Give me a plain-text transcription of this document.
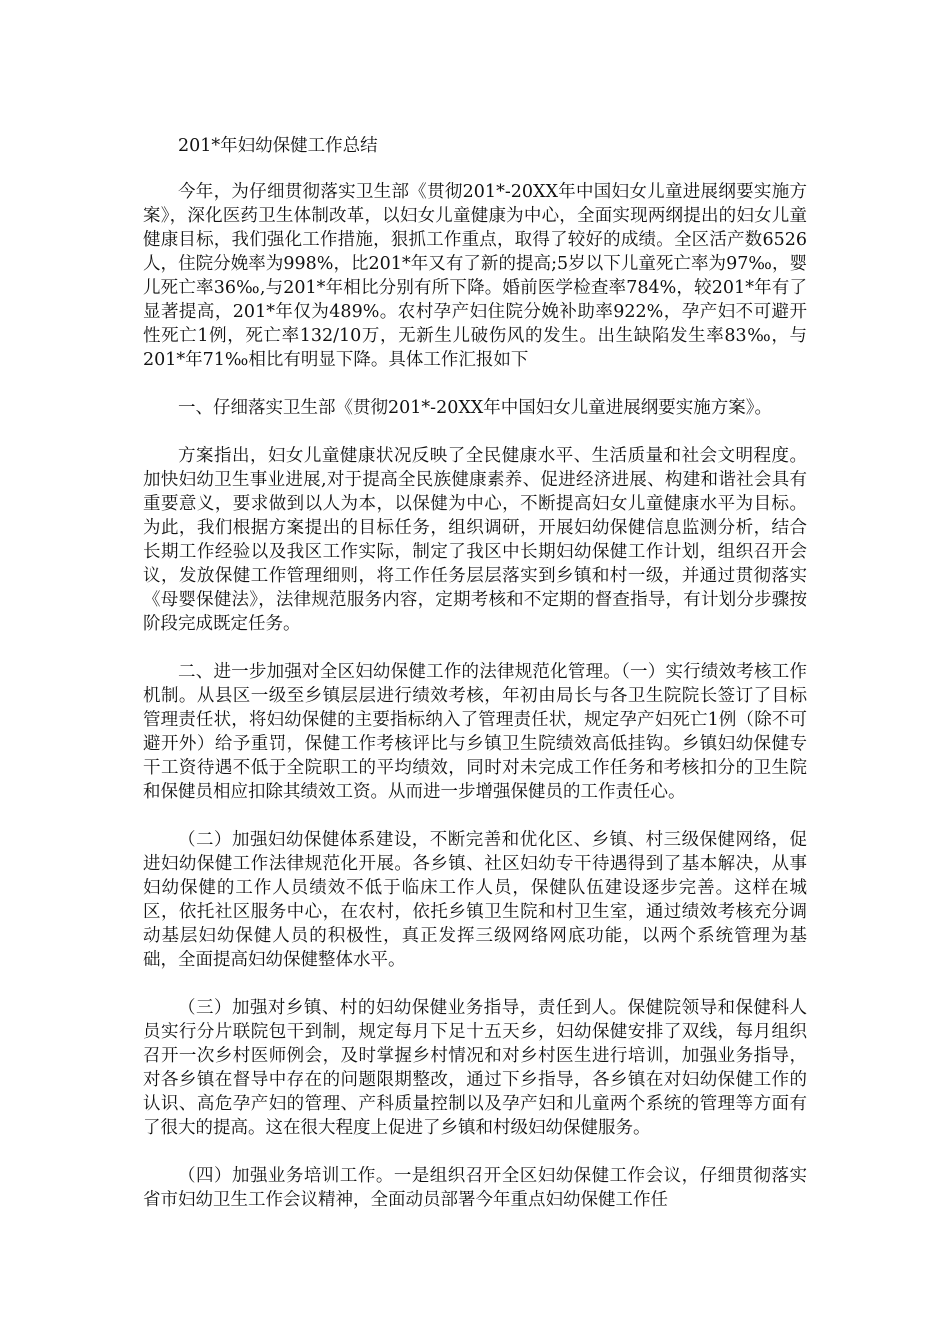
201*年妇幼保健工作总结

今年，为仔细贯彻落实卫生部《贯彻201*-20XX年中国妇女儿童进展纲要实施方案》，深化医药卫生体制改革，以妇女儿童健康为中心，全面实现两纲提出的妇女儿童健康目标，我们强化工作措施，狠抓工作重点，取得了较好的成绩。全区活产数6526人，住院分娩率为998%，比201*年又有了新的提高;5岁以下儿童死亡率为97‰，婴儿死亡率36‰,与201*年相比分别有所下降。婚前医学检查率784%，较201*年有了显著提高，201*年仅为489%。农村孕产妇住院分娩补助率922%，孕产妇不可避开性死亡1例，死亡率132/10万，无新生儿破伤风的发生。出生缺陷发生率83‰，与201*年71‰相比有明显下降。具体工作汇报如下

一、仔细落实卫生部《贯彻201*-20XX年中国妇女儿童进展纲要实施方案》。

方案指出，妇女儿童健康状况反映了全民健康水平、生活质量和社会文明程度。加快妇幼卫生事业进展,对于提高全民族健康素养、促进经济进展、构建和谐社会具有重要意义，要求做到以人为本，以保健为中心，不断提高妇女儿童健康水平为目标。为此，我们根据方案提出的目标任务，组织调研，开展妇幼保健信息监测分析，结合长期工作经验以及我区工作实际，制定了我区中长期妇幼保健工作计划，组织召开会议，发放保健工作管理细则，将工作任务层层落实到乡镇和村一级，并通过贯彻落实《母婴保健法》，法律规范服务内容，定期考核和不定期的督查指导，有计划分步骤按阶段完成既定任务。

二、进一步加强对全区妇幼保健工作的法律规范化管理。（一）实行绩效考核工作机制。从县区一级至乡镇层层进行绩效考核，年初由局长与各卫生院院长签订了目标管理责任状，将妇幼保健的主要指标纳入了管理责任状，规定孕产妇死亡1例（除不可避开外）给予重罚，保健工作考核评比与乡镇卫生院绩效高低挂钩。乡镇妇幼保健专干工资待遇不低于全院职工的平均绩效，同时对未完成工作任务和考核扣分的卫生院和保健员相应扣除其绩效工资。从而进一步增强保健员的工作责任心。

（二）加强妇幼保健体系建设，不断完善和优化区、乡镇、村三级保健网络，促进妇幼保健工作法律规范化开展。各乡镇、社区妇幼专干待遇得到了基本解决，从事妇幼保健的工作人员绩效不低于临床工作人员，保健队伍建设逐步完善。这样在城区，依托社区服务中心，在农村，依托乡镇卫生院和村卫生室，通过绩效考核充分调动基层妇幼保健人员的积极性，真正发挥三级网络网底功能，以两个系统管理为基础，全面提高妇幼保健整体水平。

（三）加强对乡镇、村的妇幼保健业务指导，责任到人。保健院领导和保健科人员实行分片联院包干到制，规定每月下足十五天乡，妇幼保健安排了双线，每月组织召开一次乡村医师例会，及时掌握乡村情况和对乡村医生进行培训，加强业务指导，对各乡镇在督导中存在的问题限期整改，通过下乡指导，各乡镇在对妇幼保健工作的认识、高危孕产妇的管理、产科质量控制以及孕产妇和儿童两个系统的管理等方面有了很大的提高。这在很大程度上促进了乡镇和村级妇幼保健服务。

（四）加强业务培训工作。一是组织召开全区妇幼保健工作会议，仔细贯彻落实省市妇幼卫生工作会议精神，全面动员部署今年重点妇幼保健工作任
